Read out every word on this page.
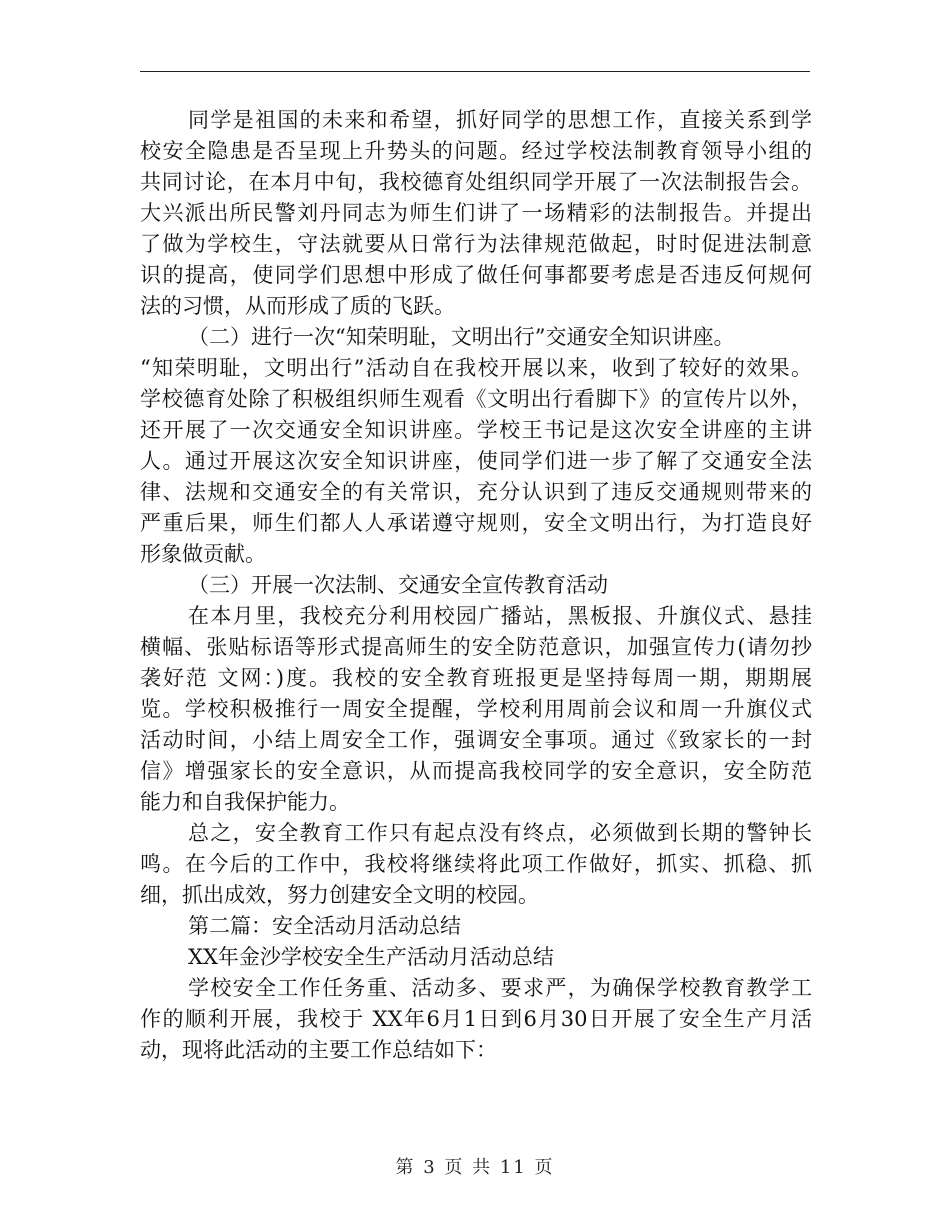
同学是祖国的未来和希望，抓好同学的思想工作，直接关系到学
校安全隐患是否呈现上升势头的问题。经过学校法制教育领导小组的
共同讨论，在本月中旬，我校德育处组织同学开展了一次法制报告会。
大兴派出所民警刘丹同志为师生们讲了一场精彩的法制报告。并提出
了做为学校生，守法就要从日常行为法律规范做起，时时促进法制意
识的提高，使同学们思想中形成了做任何事都要考虑是否违反何规何
法的习惯，从而形成了质的飞跃。
（二）进行一次“知荣明耻，文明出行”交通安全知识讲座。
“知荣明耻，文明出行”活动自在我校开展以来，收到了较好的效果。
学校德育处除了积极组织师生观看《文明出行看脚下》的宣传片以外，
还开展了一次交通安全知识讲座。学校王书记是这次安全讲座的主讲
人。通过开展这次安全知识讲座，使同学们进一步了解了交通安全法
律、法规和交通安全的有关常识，充分认识到了违反交通规则带来的
严重后果，师生们都人人承诺遵守规则，安全文明出行，为打造良好
形象做贡献。
（三）开展一次法制、交通安全宣传教育活动
在本月里，我校充分利用校园广播站，黑板报、升旗仪式、悬挂
横幅、张贴标语等形式提高师生的安全防范意识，加强宣传力(请勿抄
袭好范 文网：)度。我校的安全教育班报更是坚持每周一期，期期展
览。学校积极推行一周安全提醒，学校利用周前会议和周一升旗仪式
活动时间，小结上周安全工作，强调安全事项。通过《致家长的一封
信》增强家长的安全意识，从而提高我校同学的安全意识，安全防范
能力和自我保护能力。
总之，安全教育工作只有起点没有终点，必须做到长期的警钟长
鸣。在今后的工作中，我校将继续将此项工作做好，抓实、抓稳、抓
细，抓出成效，努力创建安全文明的校园。
第二篇：安全活动月活动总结
XX年金沙学校安全生产活动月活动总结
学校安全工作任务重、活动多、要求严，为确保学校教育教学工
作的顺利开展，我校于 XX年6月1日到6月30日开展了安全生产月活
动，现将此活动的主要工作总结如下：
第 3 页 共 11 页
